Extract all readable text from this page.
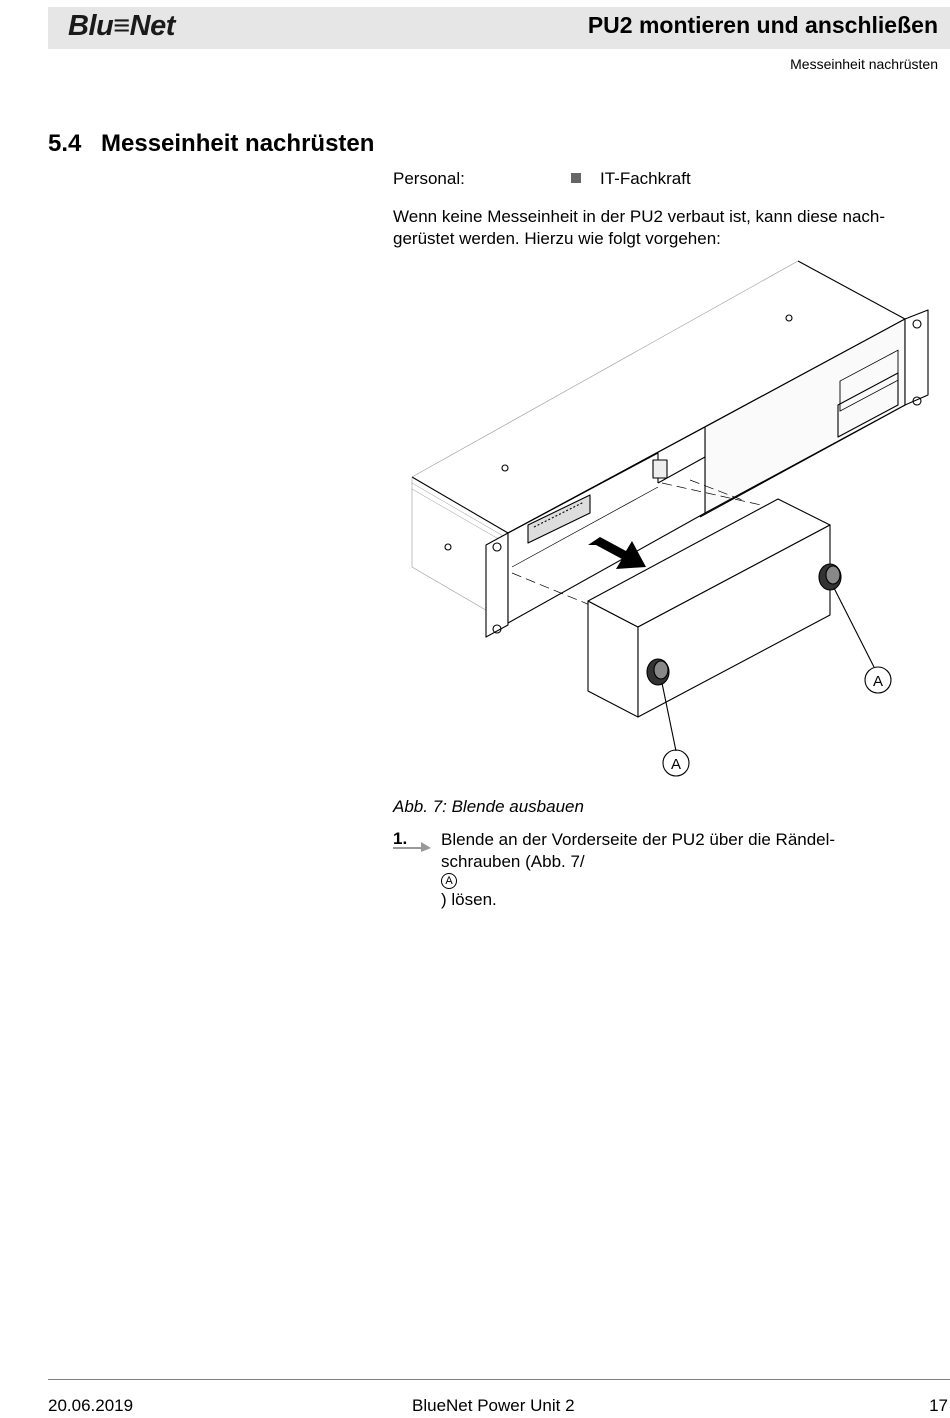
Blu≡Net	PU2 montieren und anschließen
Messeinheit nachrüsten
5.4 Messeinheit nachrüsten
Personal:	IT-Fachkraft
Wenn keine Messeinheit in der PU2 verbaut ist, kann diese nach-
gerüstet werden. Hierzu wie folgt vorgehen:
A
A
Abb. 7: Blende ausbauen
1. Blende an der Vorderseite der PU2 über die Rändel-
schrauben (Abb. 7/
A
) lösen.
20.06.2019	BlueNet Power Unit 2	17
